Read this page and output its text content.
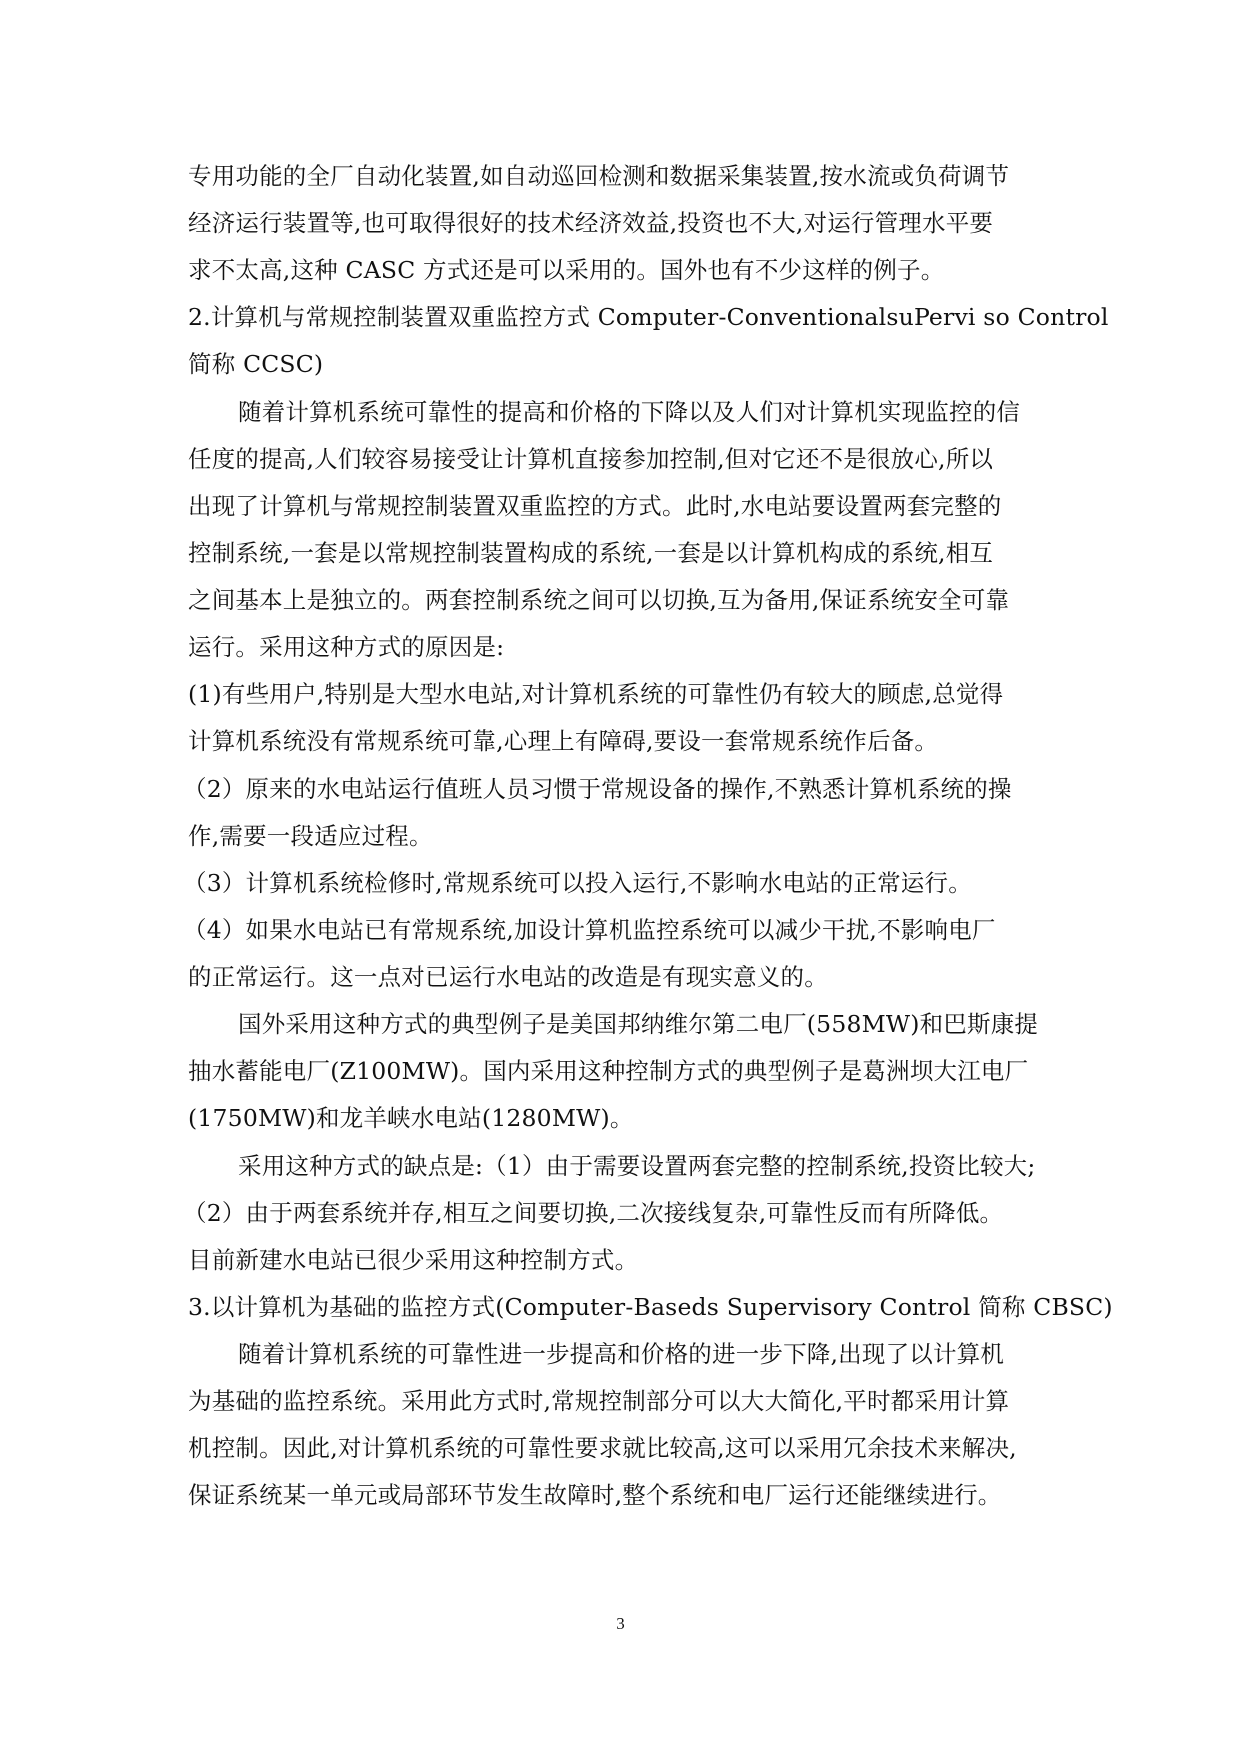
专用功能的全厂自动化装置,如自动巡回检测和数据采集装置,按水流或负荷调节
经济运行装置等,也可取得很好的技术经济效益,投资也不大,对运行管理水平要
求不太高,这种 CASC 方式还是可以采用的。国外也有不少这样的例子。
2.计算机与常规控制装置双重监控方式 Computer-ConventionalsuPervi so Control
简称 CCSC)
随着计算机系统可靠性的提高和价格的下降以及人们对计算机实现监控的信
任度的提高,人们较容易接受让计算机直接参加控制,但对它还不是很放心,所以
出现了计算机与常规控制装置双重监控的方式。此时,水电站要设置两套完整的
控制系统,一套是以常规控制装置构成的系统,一套是以计算机构成的系统,相互
之间基本上是独立的。两套控制系统之间可以切换,互为备用,保证系统安全可靠
运行。采用这种方式的原因是:
(1)有些用户,特别是大型水电站,对计算机系统的可靠性仍有较大的顾虑,总觉得
计算机系统没有常规系统可靠,心理上有障碍,要设一套常规系统作后备。
（2）原来的水电站运行值班人员习惯于常规设备的操作,不熟悉计算机系统的操
作,需要一段适应过程。
（3）计算机系统检修时,常规系统可以投入运行,不影响水电站的正常运行。
（4）如果水电站已有常规系统,加设计算机监控系统可以减少干扰,不影响电厂
的正常运行。这一点对已运行水电站的改造是有现实意义的。
国外采用这种方式的典型例子是美国邦纳维尔第二电厂(558MW)和巴斯康提
抽水蓄能电厂(Z100MW)。国内采用这种控制方式的典型例子是葛洲坝大江电厂
(1750MW)和龙羊峡水电站(1280MW)。
采用这种方式的缺点是:（1）由于需要设置两套完整的控制系统,投资比较大;
（2）由于两套系统并存,相互之间要切换,二次接线复杂,可靠性反而有所降低。
目前新建水电站已很少采用这种控制方式。
3.以计算机为基础的监控方式(Computer-Baseds Supervisory Control 简称 CBSC)
随着计算机系统的可靠性进一步提高和价格的进一步下降,出现了以计算机
为基础的监控系统。采用此方式时,常规控制部分可以大大简化,平时都采用计算
机控制。因此,对计算机系统的可靠性要求就比较高,这可以采用冗余技术来解决,
保证系统某一单元或局部环节发生故障时,整个系统和电厂运行还能继续进行。
3
